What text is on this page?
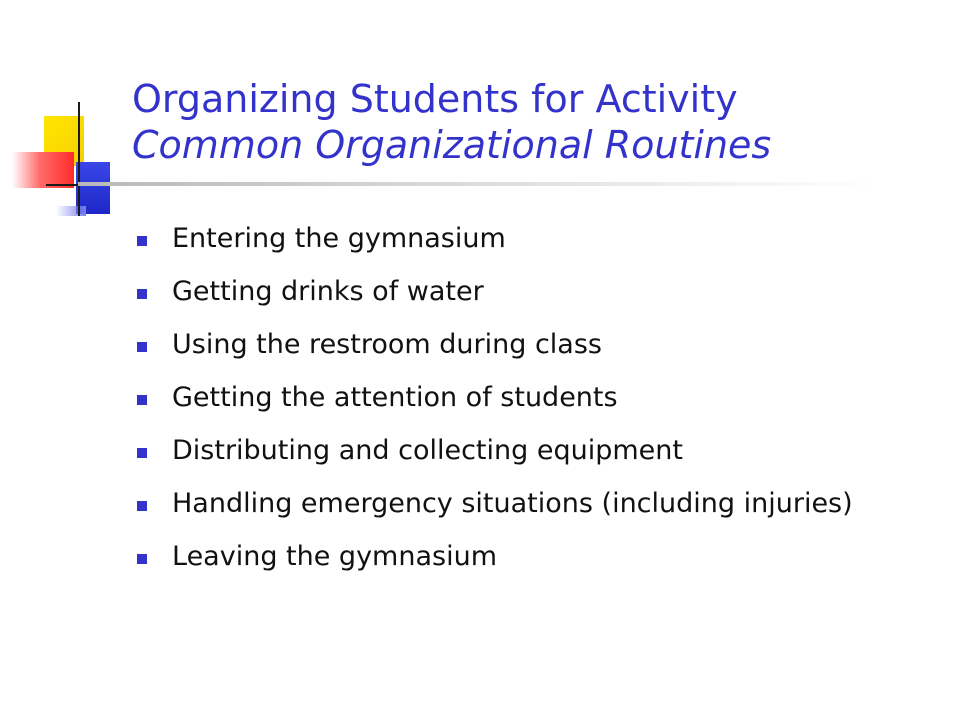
Organizing Students for Activity
Common Organizational Routines
Entering the gymnasium
Getting drinks of water
Using the restroom during class
Getting the attention of students
Distributing and collecting equipment
Handling emergency situations (including injuries)
Leaving the gymnasium
